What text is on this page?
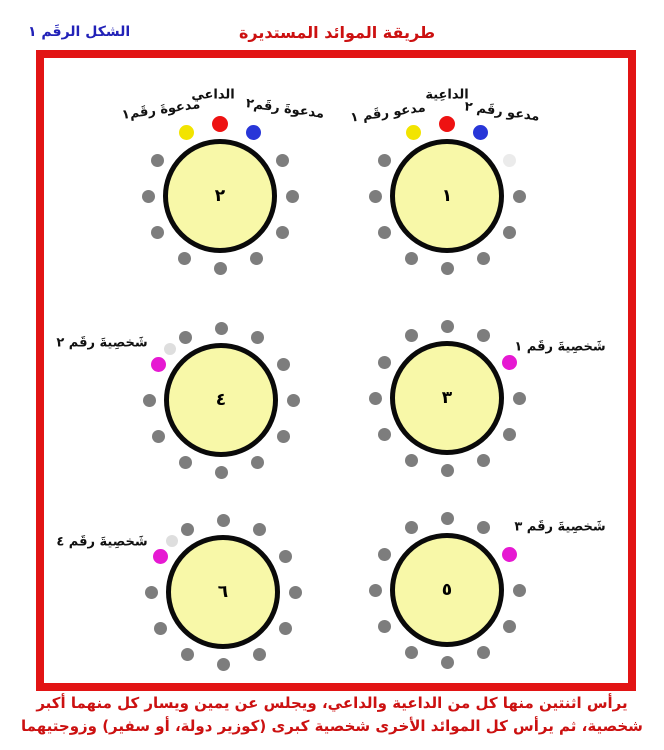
الشكل الرقَم ١	طريقة الموائد المستديرة
١
الداعِية
مدعو رقَم ١	مدعو رقَم ٢
٢
الداعي
مدعوةَ رقَم١	مدعوةَ رقَم٢
٣
شَخصِيةَ رقَم ١
٤
شَخصِيةَ رقَم ٢
٥
شَخصِيةَ رقَم ٣
٦
شَخصِيةَ رقَم ٤
يرأس اثنتين منها كل من الداعية والداعي، ويجلس عن يمين ويسار كل منهما أكبر
شخصية، ثم يرأس كل الموائد الأخرى شخصية كبرى (كوزير دولة، أو سفير) وزوجتيهما
